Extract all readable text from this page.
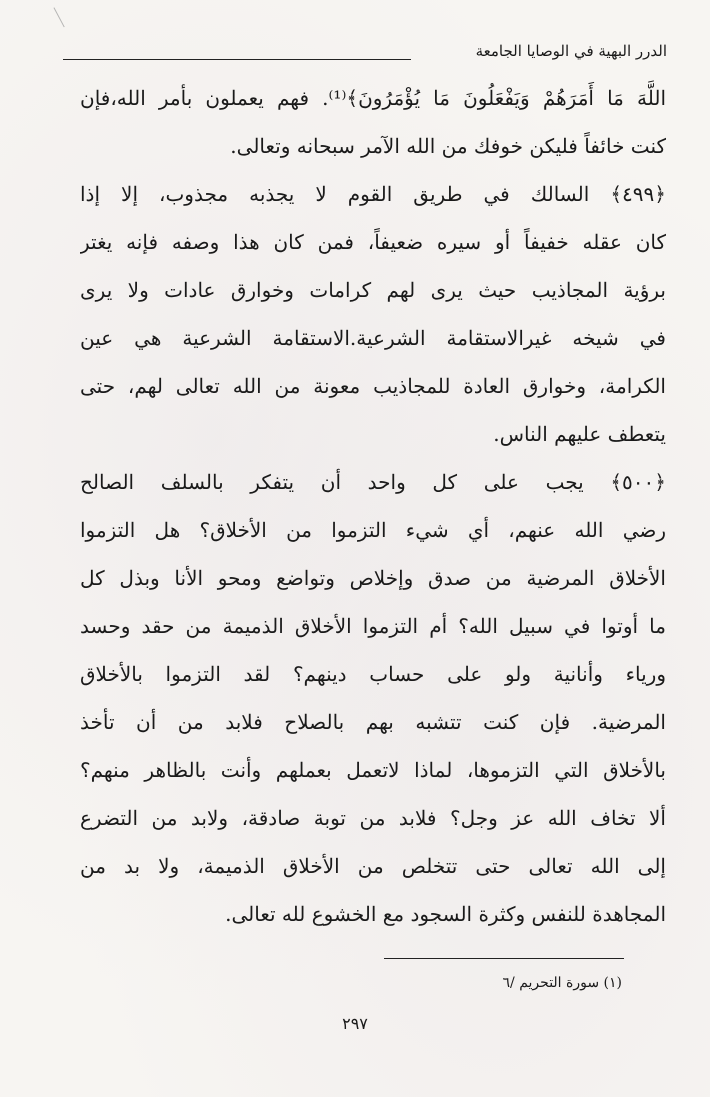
الدرر البهية في الوصايا الجامعة
اللَّهَ مَا أَمَرَهُمْ وَيَفْعَلُونَ مَا يُؤْمَرُونَ﴾⁽¹⁾. فهم يعملون بأمر الله،فإن
كنت خائفاً فليكن خوفك من الله الآمر سبحانه وتعالى.
﴿٤٩٩﴾ السالك في طريق القوم لا يجذبه مجذوب، إلا إذا
كان عقله خفيفاً أو سيره ضعيفاً، فمن كان هذا وصفه فإنه يغتر
برؤية المجاذيب حيث يرى لهم كرامات وخوارق عادات ولا يرى
في شيخه غيرالاستقامة الشرعية.الاستقامة الشرعية هي عين
الكرامة، وخوارق العادة للمجاذيب معونة من الله تعالى لهم، حتى
يتعطف عليهم الناس.
﴿٥٠٠﴾ يجب على كل واحد أن يتفكر بالسلف الصالح
رضي الله عنهم، أي شيء التزموا من الأخلاق؟ هل التزموا
الأخلاق المرضية من صدق وإخلاص وتواضع ومحو الأنا وبذل كل
ما أوتوا في سبيل الله؟ أم التزموا الأخلاق الذميمة من حقد وحسد
ورياء وأنانية ولو على حساب دينهم؟ لقد التزموا بالأخلاق
المرضية. فإن كنت تتشبه بهم بالصلاح فلابد من أن تأخذ
بالأخلاق التي التزموها، لماذا لاتعمل بعملهم وأنت بالظاهر منهم؟
ألا تخاف الله عز وجل؟ فلابد من توبة صادقة، ولابد من التضرع
إلى الله تعالى حتى تتخلص من الأخلاق الذميمة، ولا بد من
المجاهدة للنفس وكثرة السجود مع الخشوع لله تعالى.
(١) سورة التحريم /٦
٢٩٧
